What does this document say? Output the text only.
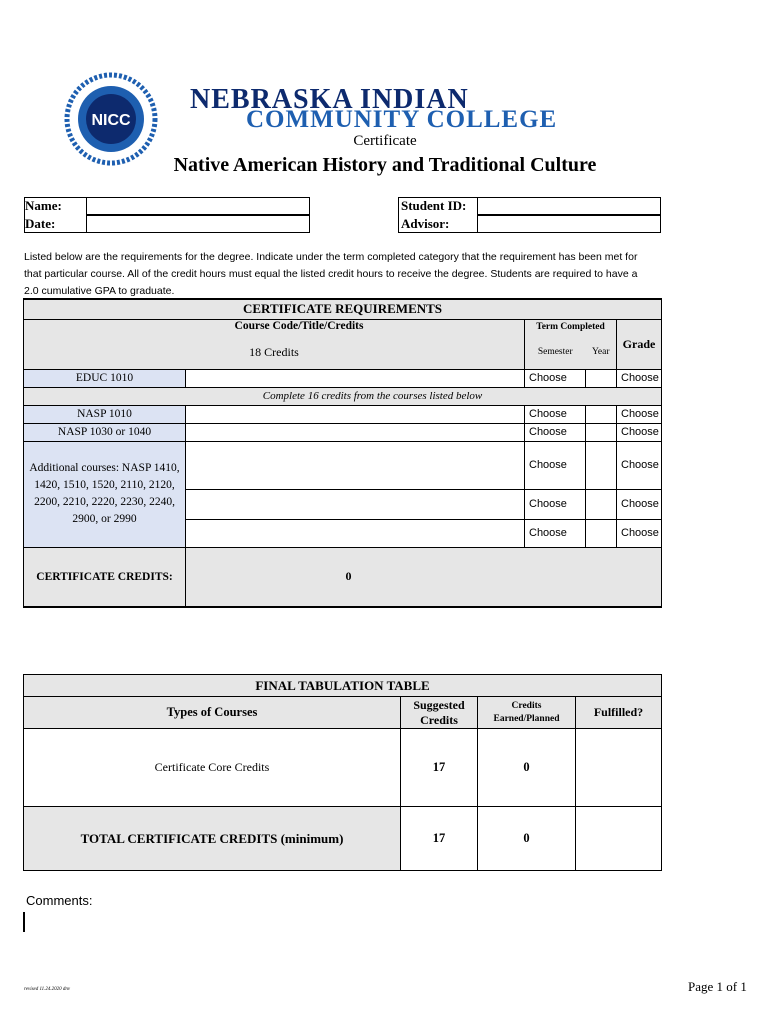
NICC
NEBRASKA INDIAN
COMMUNITY COLLEGE
Certificate
Native American History and Traditional Culture
Name:
Date:
Student ID:
Advisor:
Listed below are the requirements for the degree. Indicate under the term completed category that the requirement has been met for that particular course. All of the credit hours must equal the listed credit hours to receive the degree. Students are required to have a 2.0 cumulative GPA to graduate.
CERTIFICATE REQUIREMENTS				

Course Code/Title/Credits
18 Credits		Term Completed		Grade
		Semester	Year	
EDUC 1010		Choose		Choose
Complete 16 credits from the courses listed below				
NASP 1010		Choose		Choose
NASP 1030 or 1040		Choose		Choose
Additional courses: NASP 1410, 1420, 1510, 1520, 2110, 2120, 2200, 2210, 2220, 2230, 2240, 2900, or 2990		Choose		Choose
		Choose		Choose
		Choose		Choose
CERTIFICATE CREDITS:	0			
FINAL TABULATION TABLE			
Types of Courses	Suggested Credits	Credits Earned/Planned	Fulfilled?
Certificate Core Credits	17	0	
TOTAL CERTIFICATE CREDITS (minimum)	17	0	
Comments:
revised 11.24.2020 dnv	Page 1 of 1
